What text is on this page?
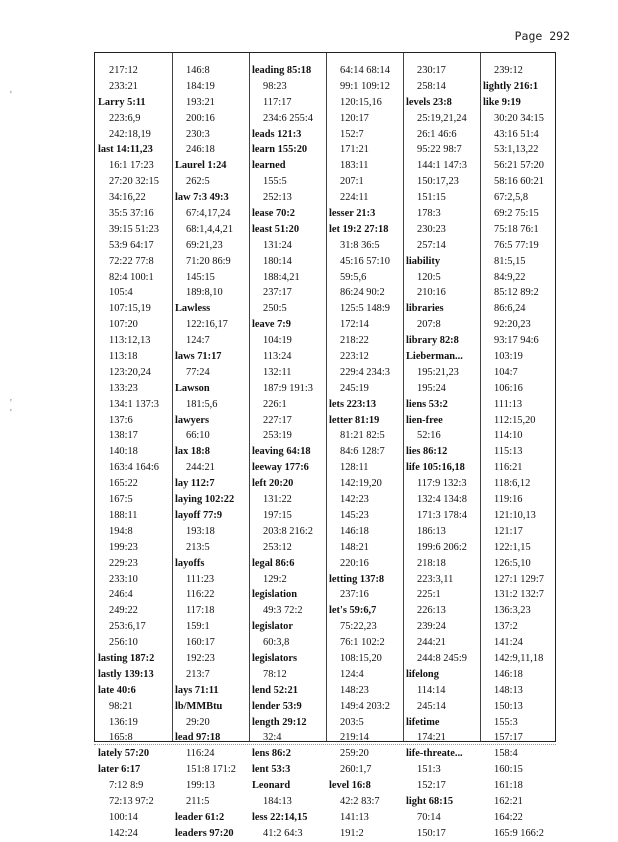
Page 292
'
'
'
217:12
233:21
Larry 5:11
223:6,9
242:18,19
last 14:11,23
16:1 17:23
27:20 32:15
34:16,22
35:5 37:16
39:15 51:23
53:9 64:17
72:22 77:8
82:4 100:1
105:4
107:15,19
107:20
113:12,13
113:18
123:20,24
133:23
134:1 137:3
137:6
138:17
140:18
163:4 164:6
165:22
167:5
188:11
194:8
199:23
229:23
233:10
246:4
249:22
253:6,17
256:10
lasting 187:2
lastly 139:13
late 40:6
98:21
136:19
165:8
lately 57:20
later 6:17
7:12 8:9
72:13 97:2
100:14
142:24
146:8
184:19
193:21
200:16
230:3
246:18
Laurel 1:24
262:5
law 7:3 49:3
67:4,17,24
68:1,4,4,21
69:21,23
71:20 86:9
145:15
189:8,10
Lawless
122:16,17
124:7
laws 71:17
77:24
Lawson
181:5,6
lawyers
66:10
lax 18:8
244:21
lay 112:7
laying 102:22
layoff 77:9
193:18
213:5
layoffs
111:23
116:22
117:18
159:1
160:17
192:23
213:7
lays 71:11
lb/MMBtu
29:20
lead 97:18
116:24
151:8 171:2
199:13
211:5
leader 61:2
leaders 97:20
leading 85:18
98:23
117:17
234:6 255:4
leads 121:3
learn 155:20
learned
155:5
252:13
lease 70:2
least 51:20
131:24
180:14
188:4,21
237:17
250:5
leave 7:9
104:19
113:24
132:11
187:9 191:3
226:1
227:17
253:19
leaving 64:18
leeway 177:6
left 20:20
131:22
197:15
203:8 216:2
253:12
legal 86:6
129:2
legislation
49:3 72:2
legislator
60:3,8
legislators
78:12
lend 52:21
lender 53:9
length 29:12
32:4
lens 86:2
lent 53:3
Leonard
184:13
less 22:14,15
41:2 64:3
64:14 68:14
99:1 109:12
120:15,16
120:17
152:7
171:21
183:11
207:1
224:11
lesser 21:3
let 19:2 27:18
31:8 36:5
45:16 57:10
59:5,6
86:24 90:2
125:5 148:9
172:14
218:22
223:12
229:4 234:3
245:19
lets 223:13
letter 81:19
81:21 82:5
84:6 128:7
128:11
142:19,20
142:23
145:23
146:18
148:21
220:16
letting 137:8
237:16
let's 59:6,7
75:22,23
76:1 102:2
108:15,20
124:4
148:23
149:4 203:2
203:5
219:14
259:20
260:1,7
level 16:8
42:2 83:7
141:13
191:2
230:17
258:14
levels 23:8
25:19,21,24
26:1 46:6
95:22 98:7
144:1 147:3
150:17,23
151:15
178:3
230:23
257:14
liability
120:5
210:16
libraries
207:8
library 82:8
Lieberman...
195:21,23
195:24
liens 53:2
lien-free
52:16
lies 86:12
life 105:16,18
117:9 132:3
132:4 134:8
171:3 178:4
186:13
199:6 206:2
218:18
223:3,11
225:1
226:13
239:24
244:21
244:8 245:9
lifelong
114:14
245:14
lifetime
174:21
life-threate...
151:3
152:17
light 68:15
70:14
150:17
239:12
lightly 216:1
like 9:19
30:20 34:15
43:16 51:4
53:1,13,22
56:21 57:20
58:16 60:21
67:2,5,8
69:2 75:15
75:18 76:1
76:5 77:19
81:5,15
84:9,22
85:12 89:2
86:6,24
92:20,23
93:17 94:6
103:19
104:7
106:16
111:13
112:15,20
114:10
115:13
116:21
118:6,12
119:16
121:10,13
121:17
122:1,15
126:5,10
127:1 129:7
131:2 132:7
136:3,23
137:2
141:24
142:9,11,18
146:18
148:13
150:13
155:3
157:17
158:4
160:15
161:18
162:21
164:22
165:9 166:2
